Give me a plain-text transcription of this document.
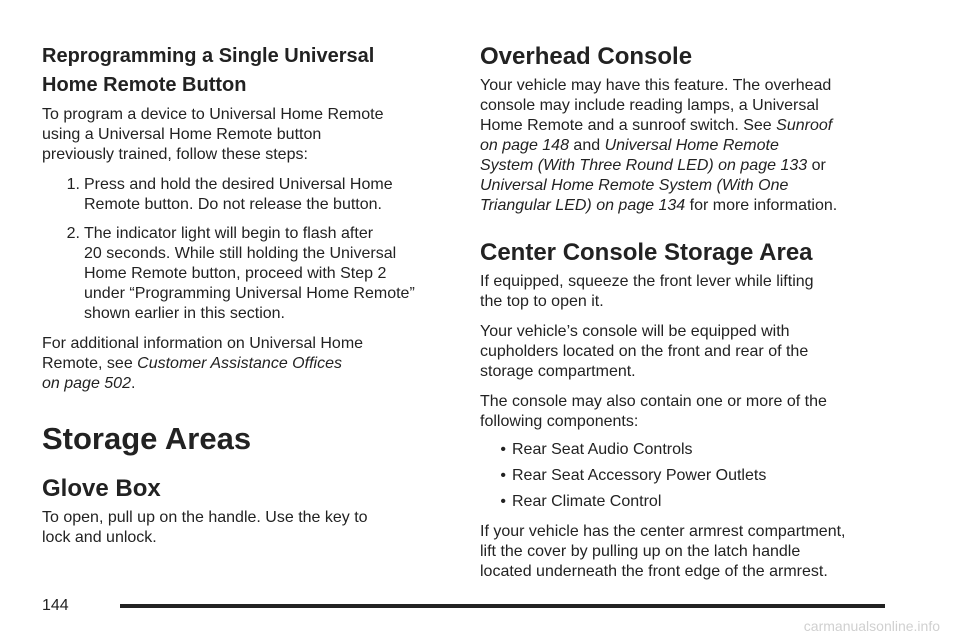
Reprogramming a Single Universal
Home Remote Button
To program a device to Universal Home Remote
using a Universal Home Remote button
previously trained, follow these steps:
1. Press and hold the desired Universal Home
Remote button. Do not release the button.
2. The indicator light will begin to flash after
20 seconds. While still holding the Universal
Home Remote button, proceed with Step 2
under “Programming Universal Home Remote”
shown earlier in this section.
For additional information on Universal Home
Remote, see Customer Assistance Offices
on page 502.
Storage Areas
Glove Box
To open, pull up on the handle. Use the key to
lock and unlock.
Overhead Console
Your vehicle may have this feature. The overhead
console may include reading lamps, a Universal
Home Remote and a sunroof switch. See Sunroof
on page 148 and Universal Home Remote
System (With Three Round LED) on page 133 or
Universal Home Remote System (With One
Triangular LED) on page 134 for more information.
Center Console Storage Area
If equipped, squeeze the front lever while lifting
the top to open it.
Your vehicle’s console will be equipped with
cupholders located on the front and rear of the
storage compartment.
The console may also contain one or more of the
following components:
• Rear Seat Audio Controls
• Rear Seat Accessory Power Outlets
• Rear Climate Control
If your vehicle has the center armrest compartment,
lift the cover by pulling up on the latch handle
located underneath the front edge of the armrest.
144
carmanualsonline.info
